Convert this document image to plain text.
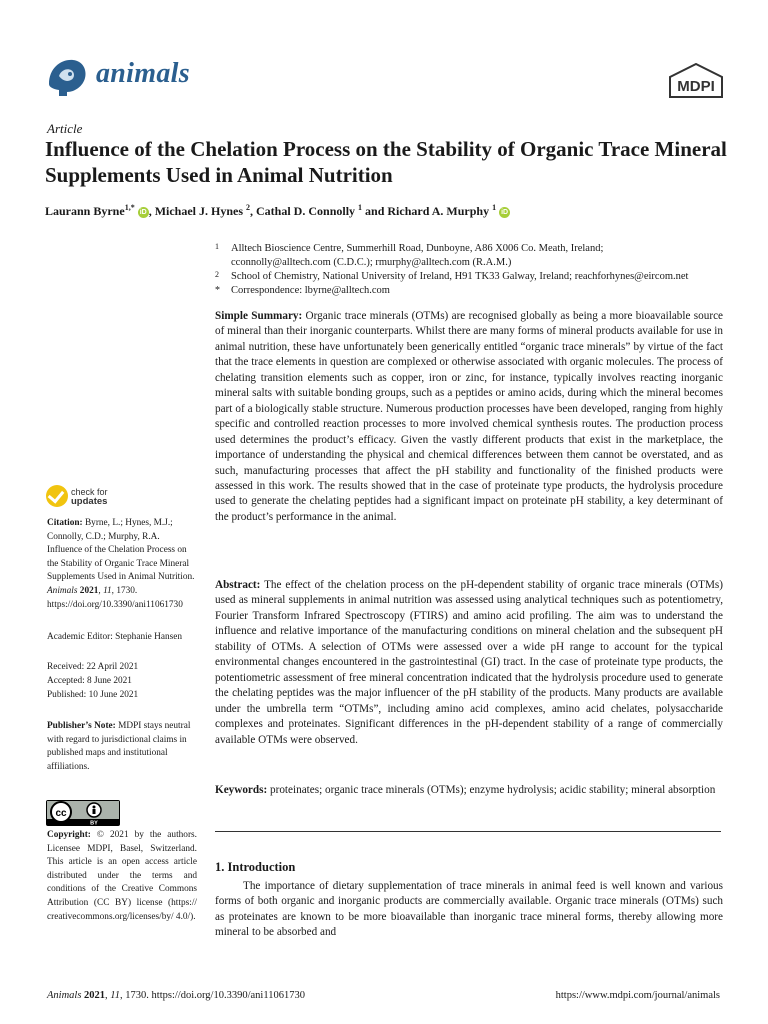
animals	MDPI
Article
Influence of the Chelation Process on the Stability of Organic Trace Mineral Supplements Used in Animal Nutrition
Laurann Byrne$^{1,*}$ iD , Michael J. Hynes $^2$, Cathal D. Connolly $^1$ and Richard A. Murphy $^1$ iD
1	Alltech Bioscience Centre, Summerhill Road, Dunboyne, A86 X006 Co. Meath, Ireland;
cconnolly@alltech.com (C.D.C.); rmurphy@alltech.com (R.A.M.)
2	School of Chemistry, National University of Ireland, H91 TK33 Galway, Ireland; reachforhynes@eircom.net
*	Correspondence: lbyrne@alltech.com
Simple Summary: Organic trace minerals (OTMs) are recognised globally as being a more bioavailable source of mineral than their inorganic counterparts. Whilst there are many forms of mineral products available for use in animal nutrition, these have unfortunately been generically entitled “organic trace minerals” by virtue of the fact that the trace elements in question are complexed or otherwise associated with organic molecules. The process of chelating transition elements such as copper, iron or zinc, for instance, typically involves reacting inorganic mineral salts with suitable bonding groups, such as a peptides or amino acids, during which the mineral becomes part of a biologically stable structure. Numerous production processes have been developed, ranging from highly specific and controlled reaction processes to more involved chemical synthesis routes. The production process used determines the product’s efficacy. Given the vastly different products that exist in the marketplace, the importance of understanding the physical and chemical differences between them cannot be overstated, and as such, manufacturing processes that affect the pH stability and functionality of the finished products were assessed in this work. The results showed that in the case of proteinate type products, the hydrolysis procedure used to generate the chelating peptides had a significant impact on proteinate pH stability, a key determinant of the product’s performance in the animal.
Abstract: The effect of the chelation process on the pH-dependent stability of organic trace minerals (OTMs) used as mineral supplements in animal nutrition was assessed using analytical techniques such as potentiometry, Fourier Transform Infrared Spectroscopy (FTIRS) and amino acid profiling. The aim was to understand the influence and relative importance of the manufacturing conditions on mineral chelation and the subsequent pH stability of OTMs. A selection of OTMs were assessed over a wide pH range to account for the typical environmental changes encountered in the gastrointestinal (GI) tract. In the case of proteinate type products, the potentiometric assessment of free mineral concentration indicated that the hydrolysis procedure used to generate the chelating peptides was the major influencer of the pH stability of the products. Many products are available under the umbrella term “OTMs”, including amino acid complexes, amino acid chelates, polysaccharide complexes and proteinates. Significant differences in the pH-dependent stability of a range of commercially available OTMs were observed.
Keywords: proteinates; organic trace minerals (OTMs); enzyme hydrolysis; acidic stability; mineral absorption
1. Introduction
The importance of dietary supplementation of trace minerals in animal feed is well known and various forms of both organic and inorganic products are commercially available. Organic trace minerals (OTMs) such as proteinates are known to be more bioavailable than inorganic trace mineral forms, thereby allowing more mineral to be absorbed and
check for
updates
Citation: Byrne, L.; Hynes, M.J.; Connolly, C.D.; Murphy, R.A. Influence of the Chelation Process on the Stability of Organic Trace Mineral Supplements Used in Animal Nutrition. Animals 2021, 11, 1730. https://doi.org/10.3390/ani11061730
Academic Editor: Stephanie Hansen
Received: 22 April 2021
Accepted: 8 June 2021
Published: 10 June 2021
Publisher’s Note: MDPI stays neutral with regard to jurisdictional claims in published maps and institutional affiliations.
cc
BY
Copyright: © 2021 by the authors. Licensee MDPI, Basel, Switzerland. This article is an open access article distributed under the terms and conditions of the Creative Commons Attribution (CC BY) license (https:// creativecommons.org/licenses/by/ 4.0/).
Animals 2021, 11, 1730. https://doi.org/10.3390/ani11061730	https://www.mdpi.com/journal/animals
